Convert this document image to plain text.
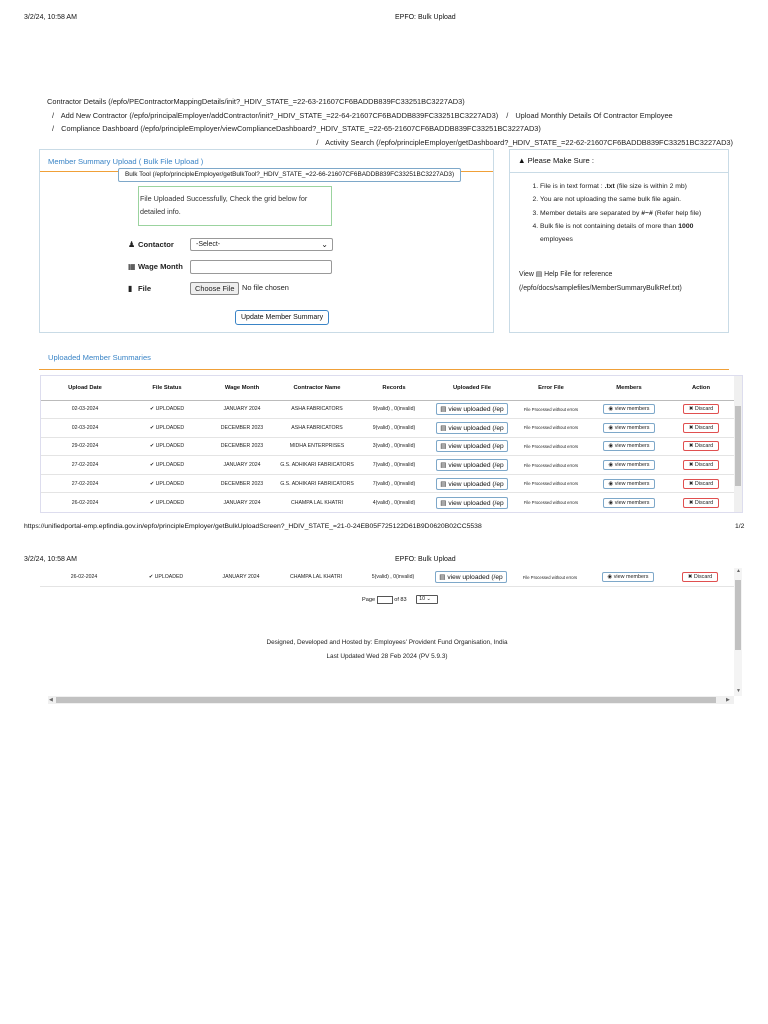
3/2/24, 10:58 AM	EPFO: Bulk Upload
Contractor Details (/epfo/PEContractorMappingDetails/init?_HDIV_STATE_=22-63-21607CF6BADDB839FC33251BC3227AD3)
/ Add New Contractor (/epfo/principalEmployer/addContractor/init?_HDIV_STATE_=22-64-21607CF6BADDB839FC33251BC3227AD3) / Upload Monthly Details Of Contractor Employee
/ Compliance Dashboard (/epfo/principleEmployer/viewComplianceDashboard?_HDIV_STATE_=22-65-21607CF6BADDB839FC33251BC3227AD3)
/ Activity Search (/epfo/principleEmployer/getDashboard?_HDIV_STATE_=22-62-21607CF6BADDB839FC33251BC3227AD3)
Member Summary Upload ( Bulk File Upload )
Bulk Tool (/epfo/principleEmployer/getBulkTool?_HDIV_STATE_=22-66-21607CF6BADDB839FC33251BC3227AD3)
File Uploaded Successfully, Check the grid below for
detailed info.
♟ Contactor	-Select-	⌄
▦ Wage Month
▮ File	Choose File	No file chosen
Update Member Summary
▲ Please Make Sure :
1. File is in text format : .txt (file size is within 2 mb)
2. You are not uploading the same bulk file again.
3. Member details are separated by #~# (Refer help file)
4. Bulk file is not containing details of more than 1000 employees
View ▤ Help File for reference
(/epfo/docs/samplefiles/MemberSummaryBulkRef.txt)
Uploaded Member Summaries
Upload Date	File Status	Wage Month	Contractor Name	Records	Uploaded File	Error File	Members	Action
02-03-2024	✔ UPLOADED	JANUARY 2024	ASHA FABRICATORS	9(valid) , 0(invalid)	▤ view uploaded (/ep	File Processed without errors	◉ view members	✖ Discard
02-03-2024	✔ UPLOADED	DECEMBER 2023	ASHA FABRICATORS	9(valid) , 0(invalid)	▤ view uploaded (/ep	File Processed without errors	◉ view members	✖ Discard
29-02-2024	✔ UPLOADED	DECEMBER 2023	MIDHA ENTERPRISES	3(valid) , 0(invalid)	▤ view uploaded (/ep	File Processed without errors	◉ view members	✖ Discard
27-02-2024	✔ UPLOADED	JANUARY 2024	G.S. ADHIKARI FABRICATORS	7(valid) , 0(invalid)	▤ view uploaded (/ep	File Processed without errors	◉ view members	✖ Discard
27-02-2024	✔ UPLOADED	DECEMBER 2023	G.S. ADHIKARI FABRICATORS	7(valid) , 0(invalid)	▤ view uploaded (/ep	File Processed without errors	◉ view members	✖ Discard
26-02-2024	✔ UPLOADED	JANUARY 2024	CHAMPA LAL KHATRI	4(valid) , 0(invalid)	▤ view uploaded (/ep	File Processed without errors	◉ view members	✖ Discard
https://unifiedportal-emp.epfindia.gov.in/epfo/principleEmployer/getBulkUploadScreen?_HDIV_STATE_=21-0-24EB05F725122D61B9D0620B02CC5538	1/2
3/2/24, 10:58 AM	EPFO: Bulk Upload
26-02-2024	✔ UPLOADED	JANUARY 2024	CHAMPA LAL KHATRI	5(valid) , 0(invalid)	▤ view uploaded (/ep	File Processed without errors	◉ view members	✖ Discard
Page	of 83 10 ⌄
Designed, Developed and Hosted by: Employees' Provident Fund Organisation, India
Last Updated Wed 28 Feb 2024 (PV 5.9.3)
▲
▼
◀	▶
